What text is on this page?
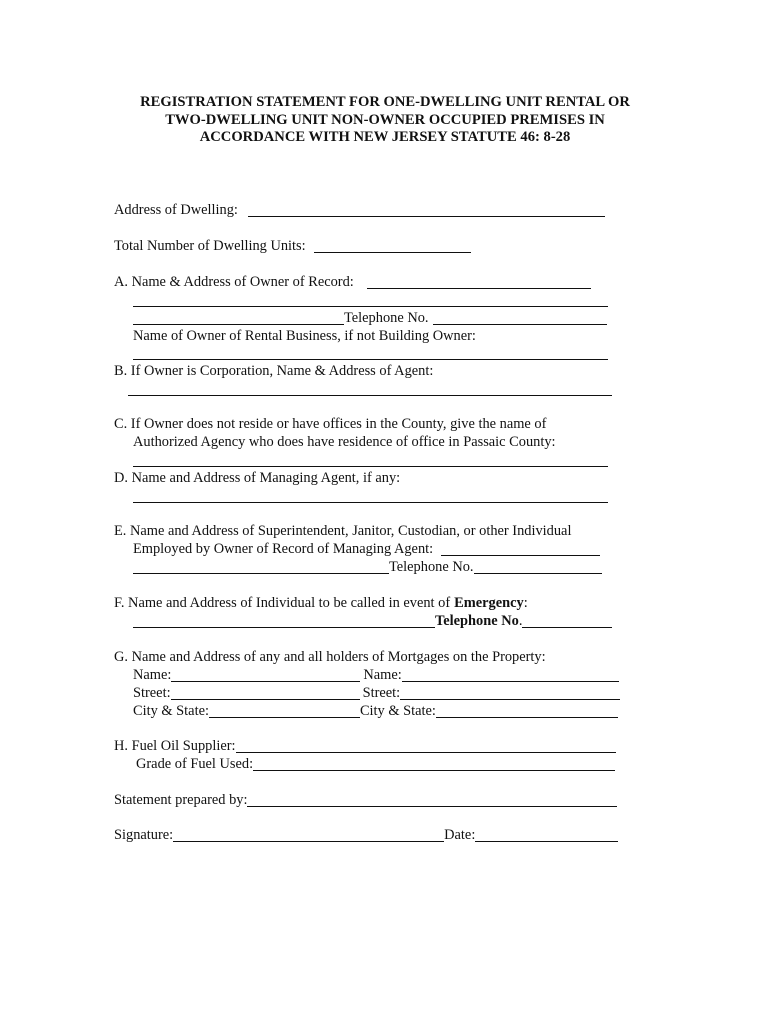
REGISTRATION STATEMENT FOR ONE-DWELLING UNIT RENTAL OR
TWO-DWELLING UNIT NON-OWNER OCCUPIED PREMISES IN
ACCORDANCE WITH NEW JERSEY STATUTE 46: 8-28
Address of Dwelling:
Total Number of Dwelling Units:
A. Name & Address of Owner of Record:
Telephone No.
Name of Owner of Rental Business, if not Building Owner:
B. If Owner is Corporation, Name & Address of Agent:
C. If Owner does not reside or have offices in the County, give the name of
Authorized Agency who does have residence of office in Passaic County:
D. Name and Address of Managing Agent, if any:
E. Name and Address of Superintendent, Janitor, Custodian, or other Individual
Employed by Owner of Record of Managing Agent:
Telephone No.
F. Name and Address of Individual to be called in event of Emergency:
Telephone No.
G. Name and Address of any and all holders of Mortgages on the Property:
Name:	Name:
Street:	Street:
City & State:	City & State:
H. Fuel Oil Supplier:
Grade of Fuel Used:
Statement prepared by:
Signature:	Date:
